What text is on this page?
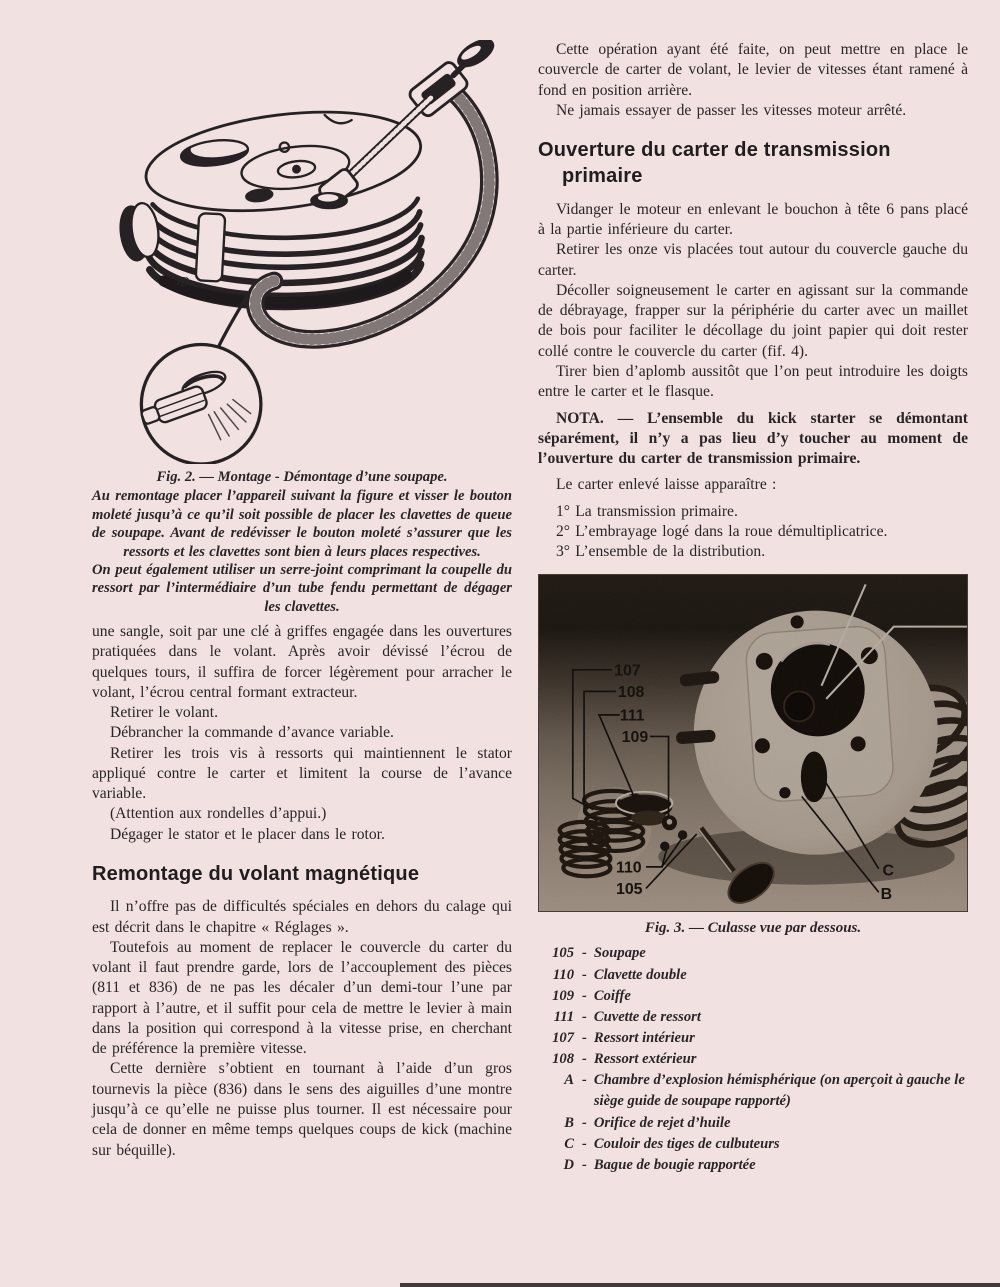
JD

Fig. 2. — Montage - Démontage d’une soupape.

Au remontage placer l’appareil suivant la figure et visser le bouton moleté jusqu’à ce qu’il soit possible de placer les clavettes de queue de soupape. Avant de redévisser le bouton moleté s’assurer que les ressorts et les clavettes sont bien à leurs places respectives.

On peut également utiliser un serre-joint comprimant la coupelle du ressort par l’intermédiaire d’un tube fendu permettant de dégager les clavettes.

une sangle, soit par une clé à griffes engagée dans les ouvertures pratiquées dans le volant. Après avoir dévissé l’écrou de quelques tours, il suffira de forcer légèrement pour arracher le volant, l’écrou central formant extracteur.

Retirer le volant.

Débrancher la commande d’avance variable.

Retirer les trois vis à ressorts qui maintiennent le stator appliqué contre le carter et limitent la course de l’avance variable.

(Attention aux rondelles d’appui.)

Dégager le stator et le placer dans le rotor.

Remontage du volant magnétique

Il n’offre pas de difficultés spéciales en dehors du calage qui est décrit dans le chapitre « Réglages ».

Toutefois au moment de replacer le couvercle du carter du volant il faut prendre garde, lors de l’accouplement des pièces (811 et 836) de ne pas les décaler d’un demi-tour l’une par rapport à l’autre, et il suffit pour cela de mettre le levier à main dans la position qui correspond à la vitesse prise, en cherchant de préférence la première vitesse.

Cette dernière s’obtient en tournant à l’aide d’un gros tournevis la pièce (836) dans le sens des aiguilles d’une montre jusqu’à ce qu’elle ne puisse plus tourner. Il est nécessaire pour cela de donner en même temps quelques coups de kick (machine sur béquille).

Cette opération ayant été faite, on peut mettre en place le couvercle de carter de volant, le levier de vitesses étant ramené à fond en position arrière.

Ne jamais essayer de passer les vitesses moteur arrêté.

Ouverture du carter de transmission
primaire

Vidanger le moteur en enlevant le bouchon à tête 6 pans placé à la partie inférieure du carter.

Retirer les onze vis placées tout autour du couvercle gauche du carter.

Décoller soigneusement le carter en agissant sur la commande de débrayage, frapper sur la périphérie du carter avec un maillet de bois pour faciliter le décollage du joint papier qui doit rester collé contre le couvercle du carter (fif. 4).

Tirer bien d’aplomb aussitôt que l’on peut introduire les doigts entre le carter et le flasque.

NOTA. — L’ensemble du kick starter se démontant séparément, il n’y a pas lieu d’y toucher au moment de l’ouverture du carter de transmission primaire.

Le carter enlevé laisse apparaître :

1° La transmission primaire.

2° L’embrayage logé dans la roue démultiplicatrice.

3° L’ensemble de la distribution.

107
108
111
109
110
105
C
B
Fig. 3. — Culasse vue par dessous.
105 - Soupape
110 - Clavette double
109 - Coiffe
111 - Cuvette de ressort
107 - Ressort intérieur
108 - Ressort extérieur
A - Chambre d’explosion hémisphérique (on aperçoit à gauche le siège guide de soupape rapporté)
B - Orifice de rejet d’huile
C - Couloir des tiges de culbuteurs
D - Bague de bougie rapportée
